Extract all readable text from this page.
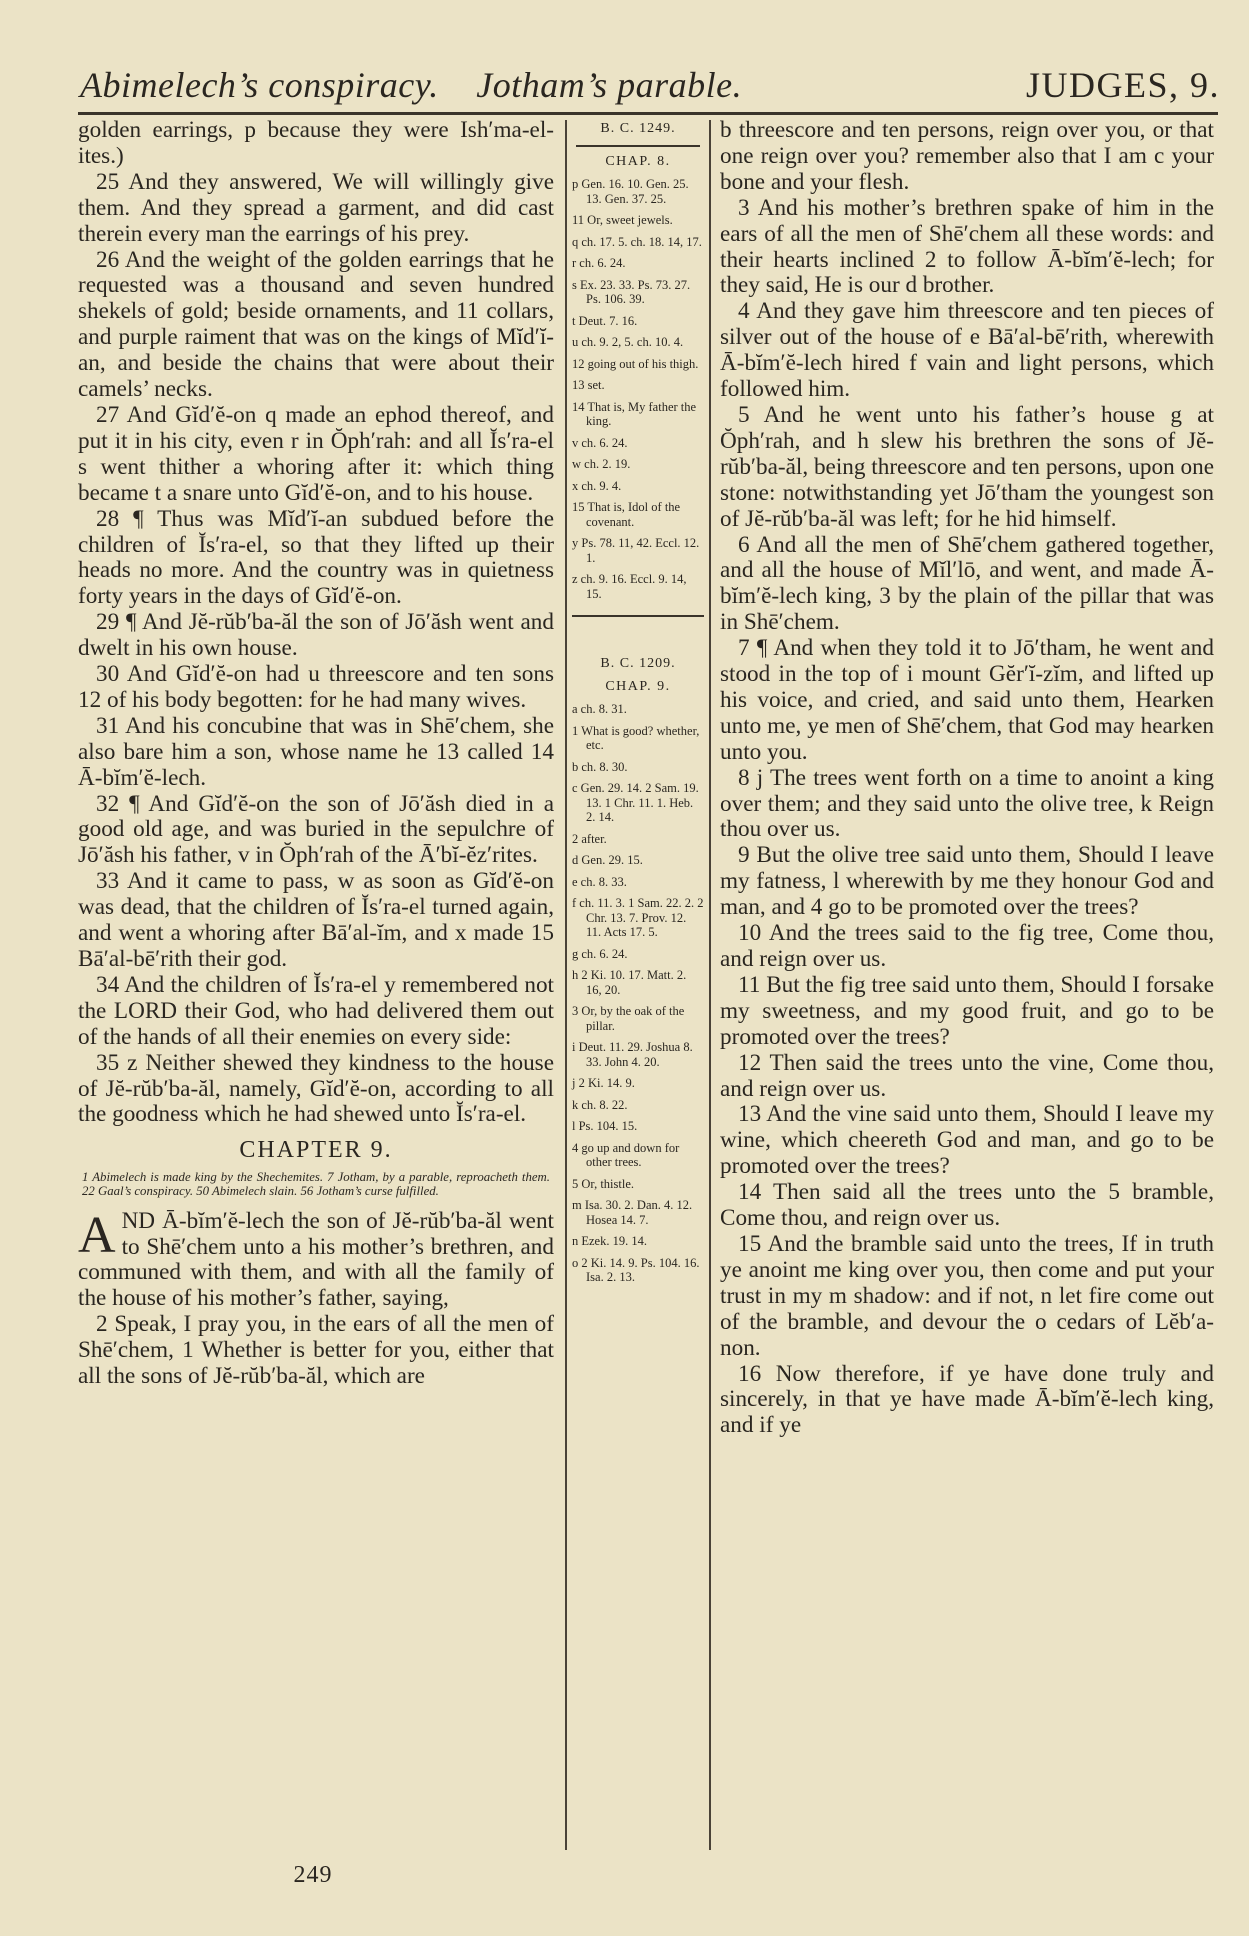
Abimelech’s conspiracy. Jotham’s parable.	JUDGES, 9.

golden earrings, p because they were Ish′ma-el-ites.)

25 And they answered, We will willingly give them. And they spread a garment, and did cast therein every man the earrings of his prey.

26 And the weight of the golden earrings that he requested was a thousand and seven hundred shekels of gold; beside ornaments, and 11 collars, and purple raiment that was on the kings of Mĭd′ĭ-an, and beside the chains that were about their camels’ necks.

27 And Gĭd′ĕ-on q made an ephod thereof, and put it in his city, even r in Ŏph′rah: and all Ĭs′ra-el s went thither a whoring after it: which thing became t a snare unto Gĭd′ĕ-on, and to his house.

28 ¶ Thus was Mĭd′ĭ-an subdued before the children of Ĭs′ra-el, so that they lifted up their heads no more. And the country was in quietness forty years in the days of Gĭd′ĕ-on.

29 ¶ And Jĕ-rŭb′ba-ăl the son of Jō′ăsh went and dwelt in his own house.

30 And Gĭd′ĕ-on had u threescore and ten sons 12 of his body begotten: for he had many wives.

31 And his concubine that was in Shē′chem, she also bare him a son, whose name he 13 called 14 Ā-bĭm′ĕ-lech.

32 ¶ And Gĭd′ĕ-on the son of Jō′ăsh died in a good old age, and was buried in the sepulchre of Jō′ăsh his father, v in Ŏph′rah of the Ā′bĭ-ĕz′rites.

33 And it came to pass, w as soon as Gĭd′ĕ-on was dead, that the children of Ĭs′ra-el turned again, and went a whoring after Bā′al-ĭm, and x made 15 Bā′al-bē′rith their god.

34 And the children of Ĭs′ra-el y remembered not the LORD their God, who had delivered them out of the hands of all their enemies on every side:

35 z Neither shewed they kindness to the house of Jĕ-rŭb′ba-ăl, namely, Gĭd′ĕ-on, according to all the goodness which he had shewed unto Ĭs′ra-el.

CHAPTER 9.
1 Abimelech is made king by the Shechemites. 7 Jotham, by a parable, reproacheth them. 22 Gaal’s conspiracy. 50 Abimelech slain. 56 Jotham’s curse fulfilled.

AND Ā-bĭm′ĕ-lech the son of Jĕ-rŭb′ba-ăl went to Shē′chem unto a his mother’s brethren, and communed with them, and with all the family of the house of his mother’s father, saying,

2 Speak, I pray you, in the ears of all the men of Shē′chem, 1 Whether is better for you, either that all the sons of Jĕ-rŭb′ba-ăl, which are

B. C. 1249.
CHAP. 8.
p Gen. 16. 10. Gen. 25. 13. Gen. 37. 25.
11 Or, sweet jewels.
q ch. 17. 5. ch. 18. 14, 17.
r ch. 6. 24.
s Ex. 23. 33. Ps. 73. 27. Ps. 106. 39.
t Deut. 7. 16.
u ch. 9. 2, 5. ch. 10. 4.
12 going out of his thigh.
13 set.
14 That is, My father the king.
v ch. 6. 24.
w ch. 2. 19.
x ch. 9. 4.
15 That is, Idol of the covenant.
y Ps. 78. 11, 42. Eccl. 12. 1.
z ch. 9. 16. Eccl. 9. 14, 15.
B. C. 1209.
CHAP. 9.
a ch. 8. 31.
1 What is good? whether, etc.
b ch. 8. 30.
c Gen. 29. 14. 2 Sam. 19. 13. 1 Chr. 11. 1. Heb. 2. 14.
2 after.
d Gen. 29. 15.
e ch. 8. 33.
f ch. 11. 3. 1 Sam. 22. 2. 2 Chr. 13. 7. Prov. 12. 11. Acts 17. 5.
g ch. 6. 24.
h 2 Ki. 10. 17. Matt. 2. 16, 20.
3 Or, by the oak of the pillar.
i Deut. 11. 29. Joshua 8. 33. John 4. 20.
j 2 Ki. 14. 9.
k ch. 8. 22.
l Ps. 104. 15.
4 go up and down for other trees.
5 Or, thistle.
m Isa. 30. 2. Dan. 4. 12. Hosea 14. 7.
n Ezek. 19. 14.
o 2 Ki. 14. 9. Ps. 104. 16. Isa. 2. 13.

b threescore and ten persons, reign over you, or that one reign over you? remember also that I am c your bone and your flesh.

3 And his mother’s brethren spake of him in the ears of all the men of Shē′chem all these words: and their hearts inclined 2 to follow Ā-bĭm′ĕ-lech; for they said, He is our d brother.

4 And they gave him threescore and ten pieces of silver out of the house of e Bā′al-bē′rith, wherewith Ā-bĭm′ĕ-lech hired f vain and light persons, which followed him.

5 And he went unto his father’s house g at Ŏph′rah, and h slew his brethren the sons of Jĕ-rŭb′ba-ăl, being threescore and ten persons, upon one stone: notwithstanding yet Jō′tham the youngest son of Jĕ-rŭb′ba-ăl was left; for he hid himself.

6 And all the men of Shē′chem gathered together, and all the house of Mĭl′lō, and went, and made Ā-bĭm′ĕ-lech king, 3 by the plain of the pillar that was in Shē′chem.

7 ¶ And when they told it to Jō′tham, he went and stood in the top of i mount Gĕr′ĭ-zĭm, and lifted up his voice, and cried, and said unto them, Hearken unto me, ye men of Shē′chem, that God may hearken unto you.

8 j The trees went forth on a time to anoint a king over them; and they said unto the olive tree, k Reign thou over us.

9 But the olive tree said unto them, Should I leave my fatness, l wherewith by me they honour God and man, and 4 go to be promoted over the trees?

10 And the trees said to the fig tree, Come thou, and reign over us.

11 But the fig tree said unto them, Should I forsake my sweetness, and my good fruit, and go to be promoted over the trees?

12 Then said the trees unto the vine, Come thou, and reign over us.

13 And the vine said unto them, Should I leave my wine, which cheereth God and man, and go to be promoted over the trees?

14 Then said all the trees unto the 5 bramble, Come thou, and reign over us.

15 And the bramble said unto the trees, If in truth ye anoint me king over you, then come and put your trust in my m shadow: and if not, n let fire come out of the bramble, and devour the o cedars of Lĕb′a-non.

16 Now therefore, if ye have done truly and sincerely, in that ye have made Ā-bĭm′ĕ-lech king, and if ye

249
